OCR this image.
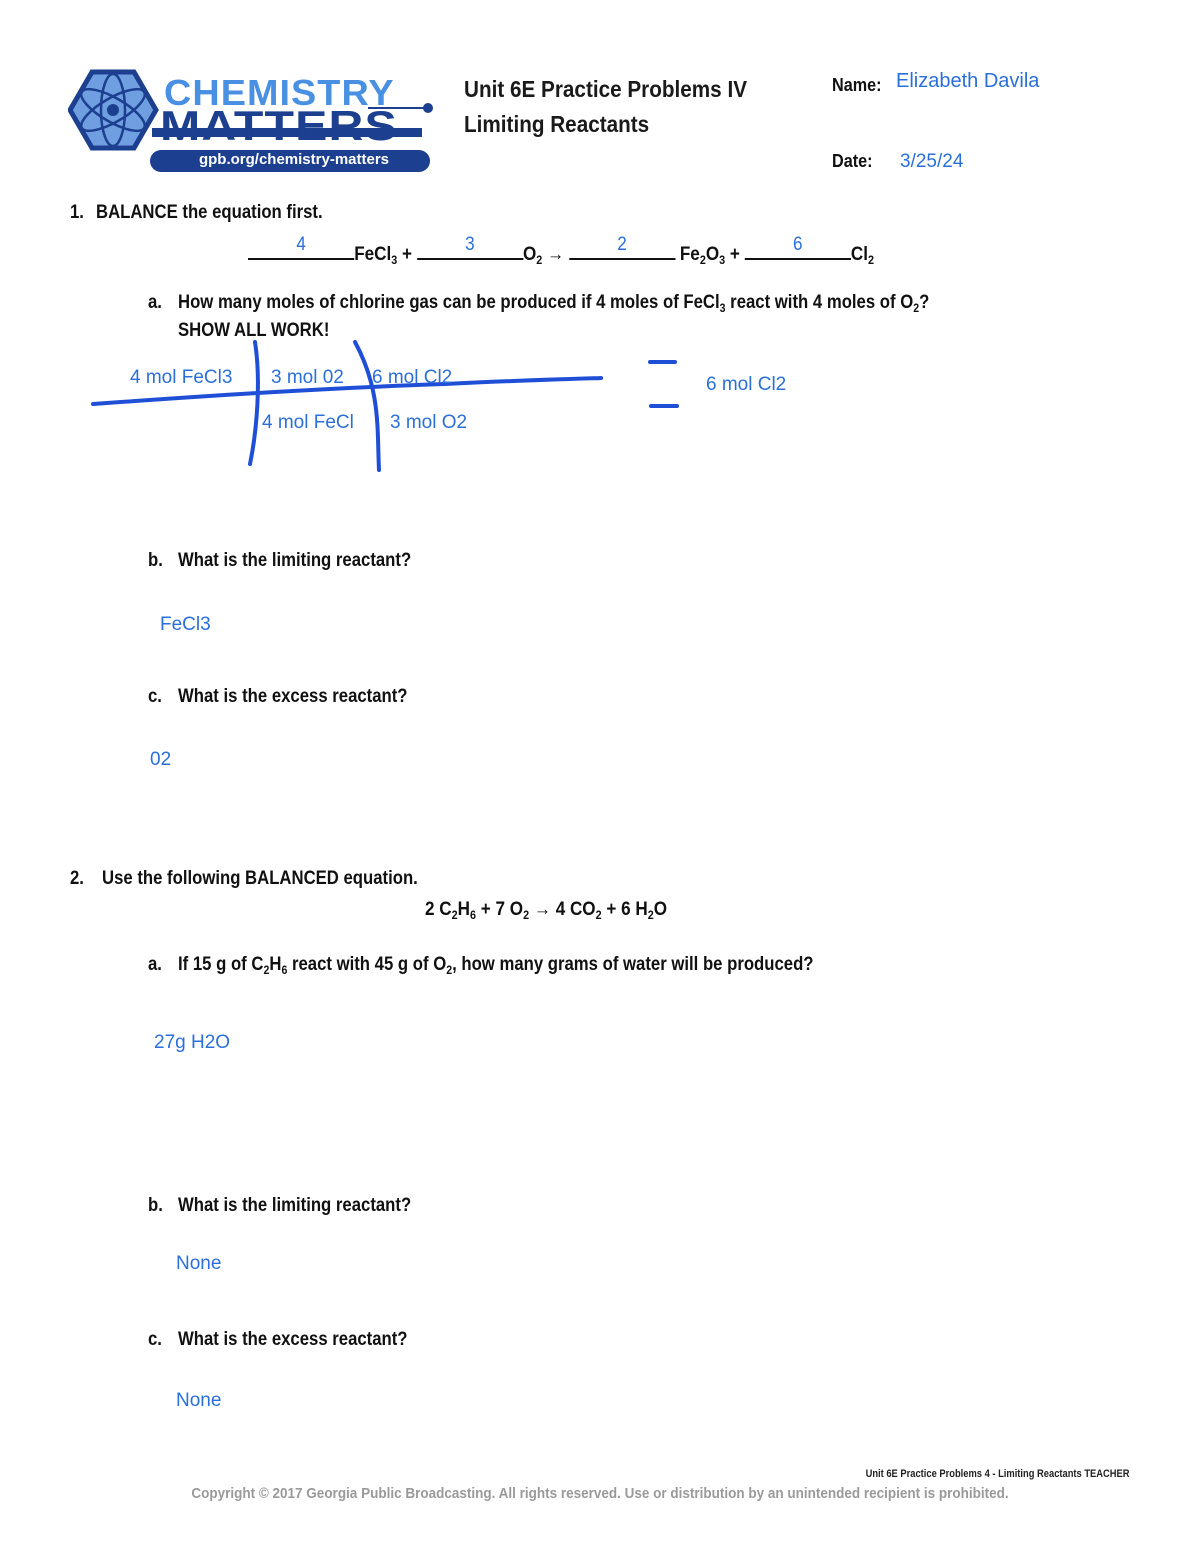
CHEMISTRY
MATTERS
gpb.org/chemistry-matters
Unit 6E Practice Problems IV
Limiting Reactants
Name: Elizabeth Davila
Date: 3/25/24
1. BALANCE the equation first.
4	FeCl$_3$ +	3	$O_2$ →	2	$Fe_2O_3$ +	6	$Cl_2$
a. How many moles of chlorine gas can be produced if 4 moles of FeCl$_3$ react with 4 moles of $O_2$?
SHOW ALL WORK!
4 mol FeCl3 3 mol 02 6 mol Cl2
4 mol FeCl 3 mol O2
6 mol Cl2
b. What is the limiting reactant?
FeCl3
c. What is the excess reactant?
02
2. Use the following BALANCED equation.
2 $C_2H_6 + 7$ $O_2 \to 4$ $CO_2 + 6$ $H_2O$
a. If 15 g of $C_2H_6$ react with 45 g of $O_2$, how many grams of water will be produced?
27g H2O
b. What is the limiting reactant?
None
c. What is the excess reactant?
None
Unit 6E Practice Problems 4 - Limiting Reactants TEACHER
Copyright © 2017 Georgia Public Broadcasting. All rights reserved. Use or distribution by an unintended recipient is prohibited.
